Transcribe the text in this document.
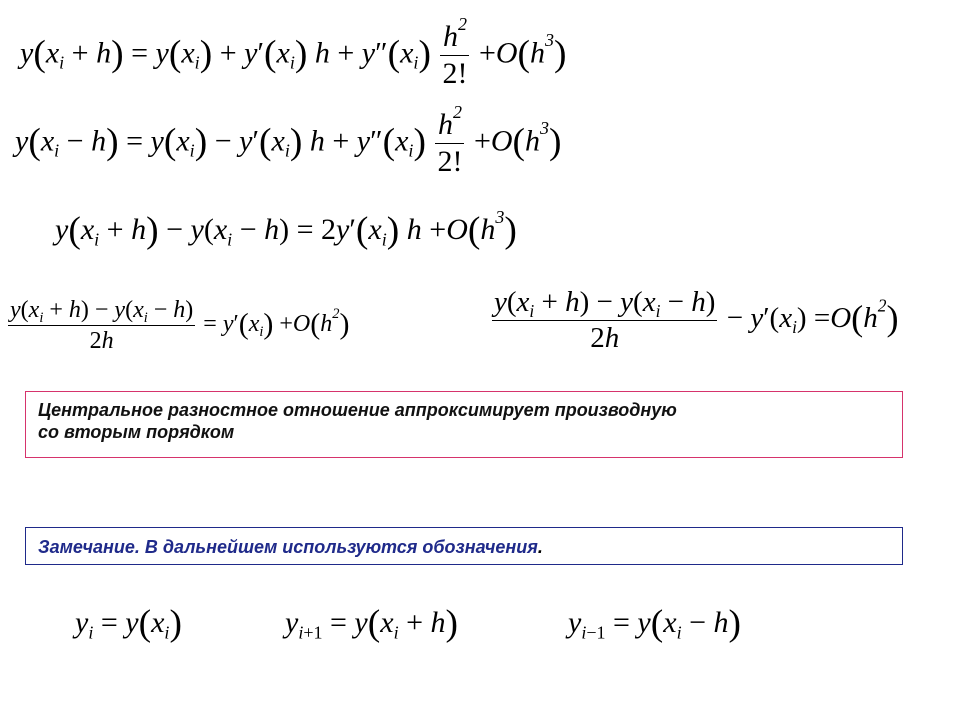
$y(x_i + h) = y(x_i) + y'(x_i) h + y''(x_i) \frac{h^2}{2!} +O(h^3)$
$y(x_i - h) = y(x_i) - y'(x_i) h + y''(x_i) \frac{h^2}{2!} +O(h^3)$
$y(x_i + h) - y(x_i - h) = 2y'(x_i)$ $h +O(h^3)$
$\frac{y(x_i + h) - y(x_i - h)}{2h} = y'(x_i) +O(h^2)$	$\frac{y(x_i + h) - y(x_i - h)}{2h} - y'(x_i) =O(h^2)$
Центральное разностное отношение аппроксимирует производную
со вторым порядком
Замечание. В дальнейшем используются обозначения.
$y_i = y(x_i)$	$y_{i+1} = y(x_i + h)$	$y_{i-1} = y(x_i - h)$
